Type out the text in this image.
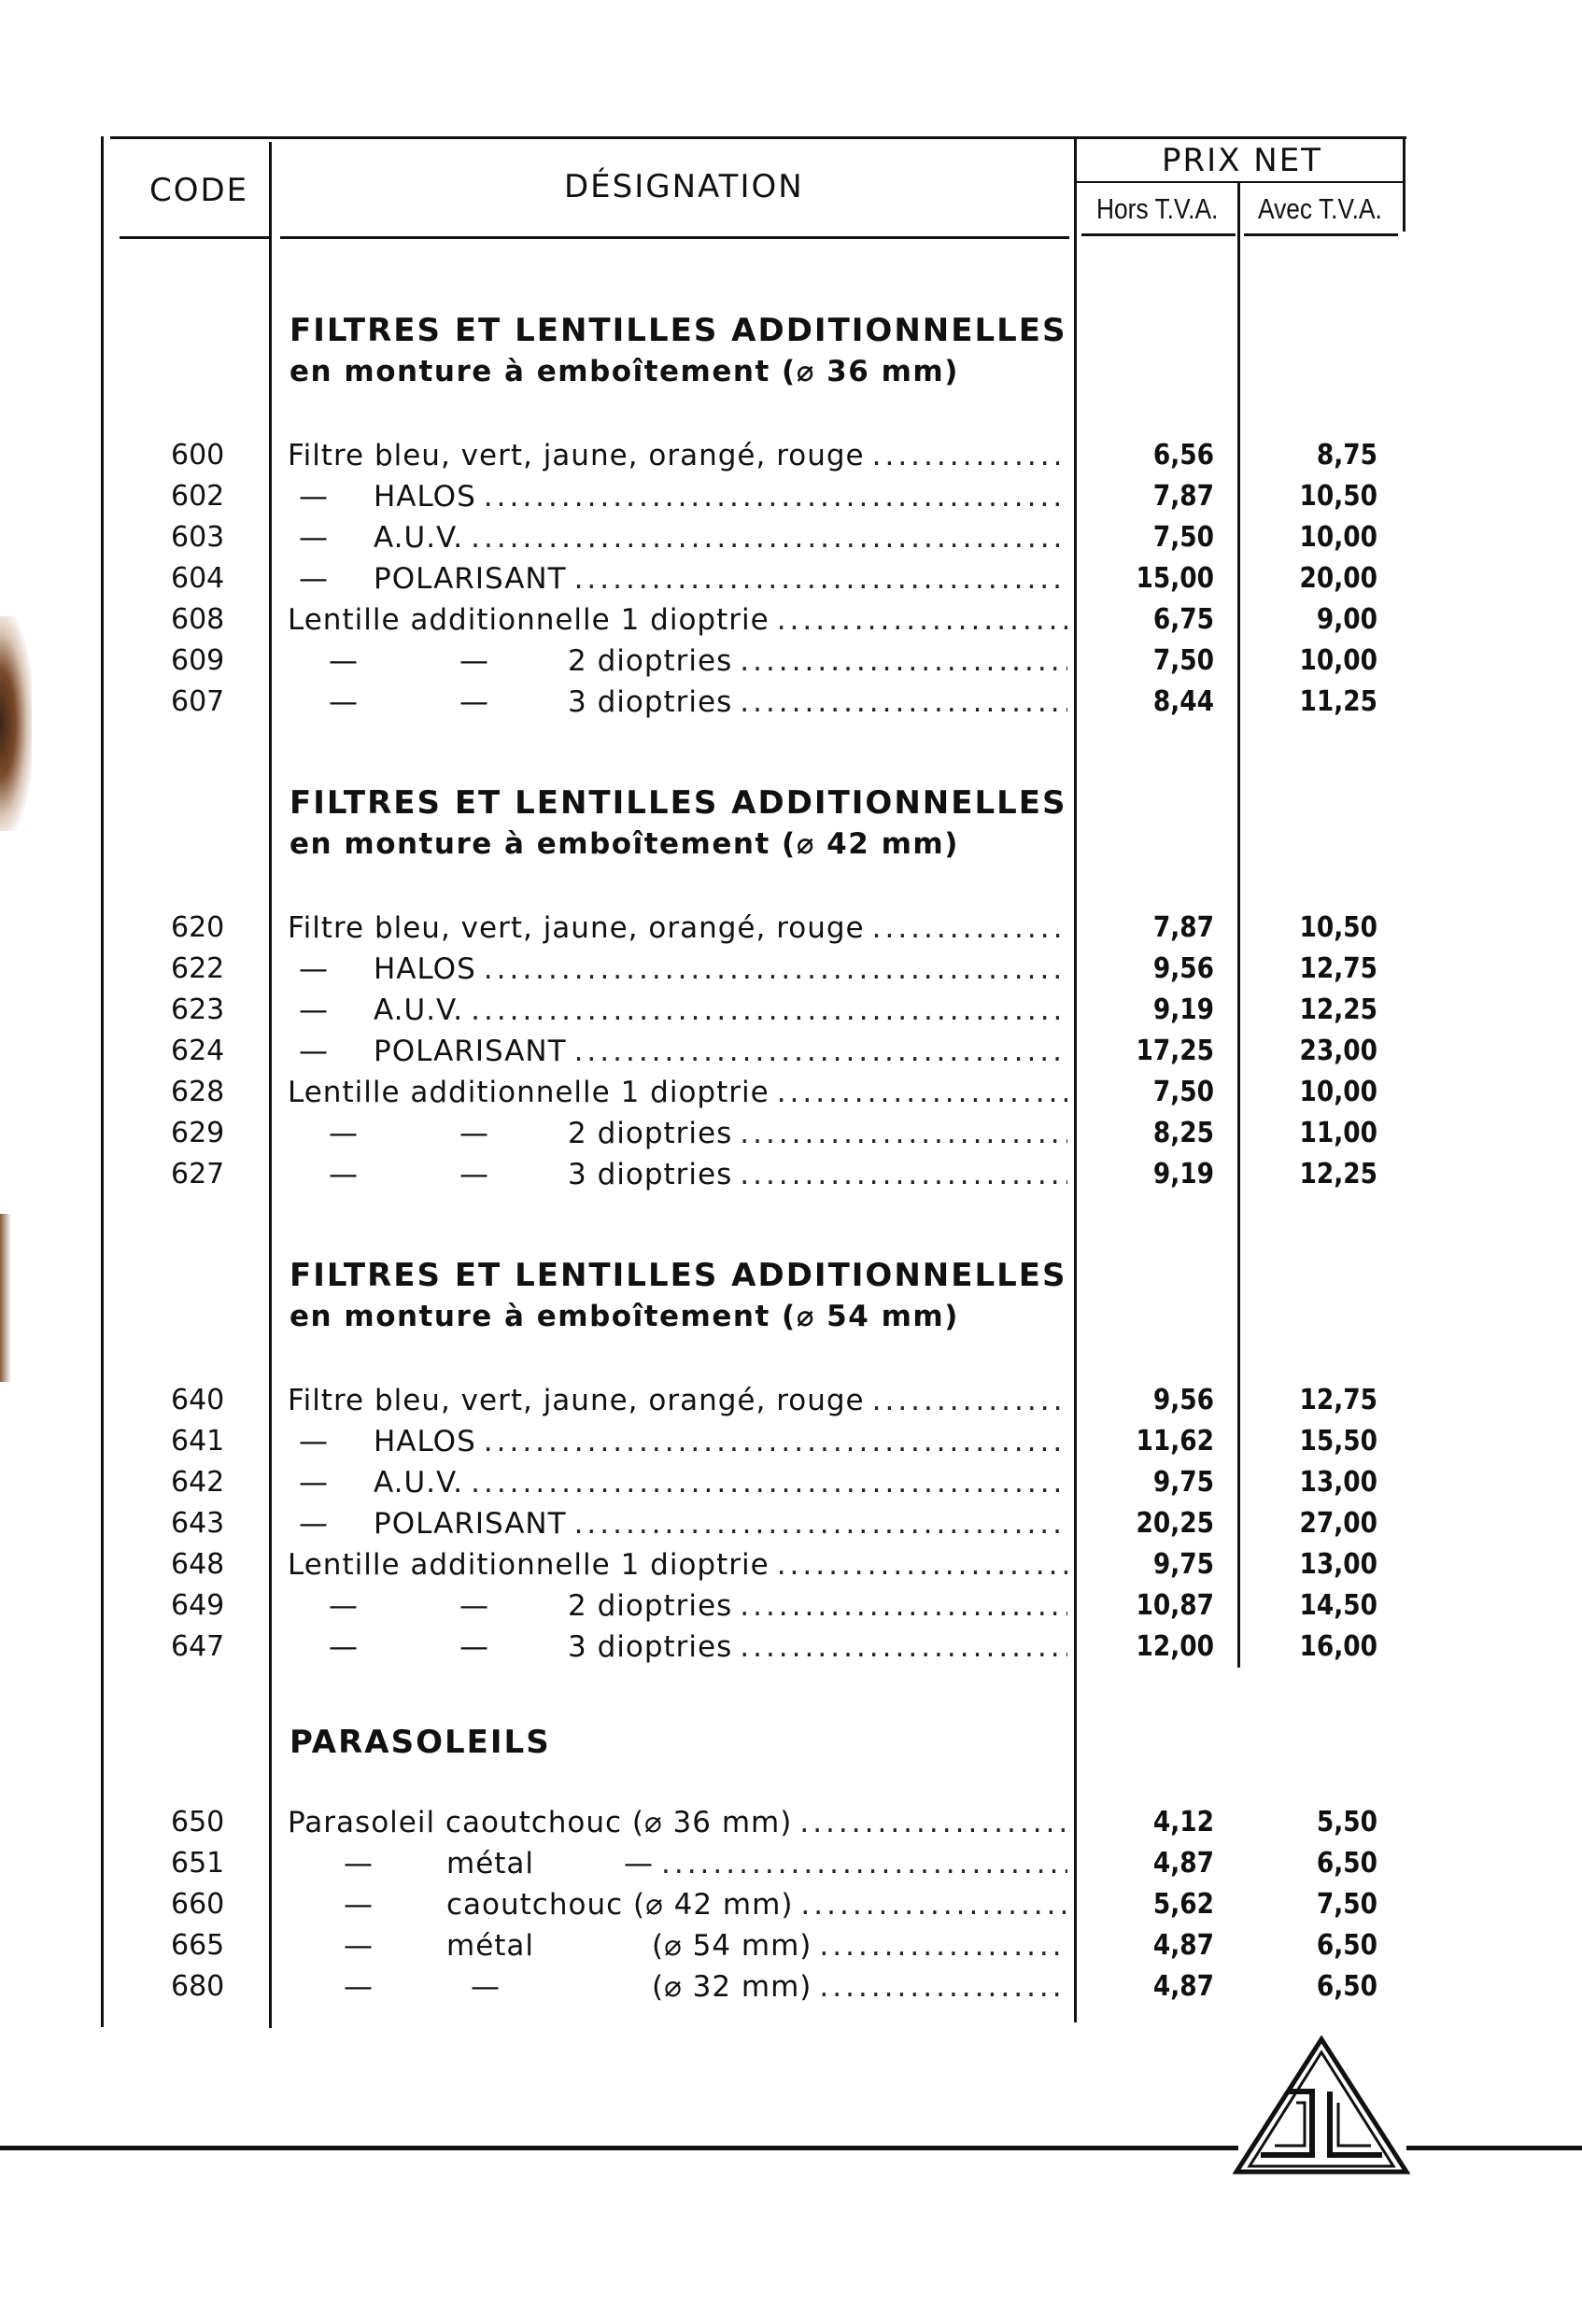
CODE	DÉSIGNATION
PRIX NET
Hors T.V.A. Avec T.V.A.
FILTRES ET LENTILLES ADDITIONNELLES
en monture à emboîtement (⌀ 36 mm)
FILTRES ET LENTILLES ADDITIONNELLES
en monture à emboîtement (⌀ 42 mm)
FILTRES ET LENTILLES ADDITIONNELLES
en monture à emboîtement (⌀ 54 mm)
PARASOLEILS
600 Filtre bleu, vert, jaune, orangé, rouge .....	6,56	8,75
602	— HALOS .....	7,87	10,50
603	— A.U.V. .....	7,50	10,00
604	— POLARISANT .....	15,00	20,00
608 Lentille additionnelle 1 dioptrie .....	6,75	9,00
609	—	—	2 dioptries .....	7,50	10,00
607	—	—	3 dioptries .....	8,44	11,25
620 Filtre bleu, vert, jaune, orangé, rouge .....	7,87	10,50
622	— HALOS .....	9,56	12,75
623	— A.U.V. .....	9,19	12,25
624	— POLARISANT .....	17,25	23,00
628 Lentille additionnelle 1 dioptrie .....	7,50	10,00
629	—	—	2 dioptries .....	8,25	11,00
627	—	—	3 dioptries .....	9,19	12,25
640 Filtre bleu, vert, jaune, orangé, rouge .....	9,56	12,75
641	— HALOS .....	11,62	15,50
642	— A.U.V. .....	9,75	13,00
643	— POLARISANT .....	20,25	27,00
648 Lentille additionnelle 1 dioptrie .....	9,75	13,00
649	—	—	2 dioptries .....	10,87	14,50
647	—	—	3 dioptries .....	12,00	16,00
650 Parasoleil caoutchouc (⌀ 36 mm) .....	4,12	5,50
651	—	métal	— .....	4,87	6,50
660	—	caoutchouc (⌀ 42 mm) .....	5,62	7,50
665	—	métal	(⌀ 54 mm) .....	4,87	6,50
680	—	—	(⌀ 32 mm) .....	4,87	6,50
